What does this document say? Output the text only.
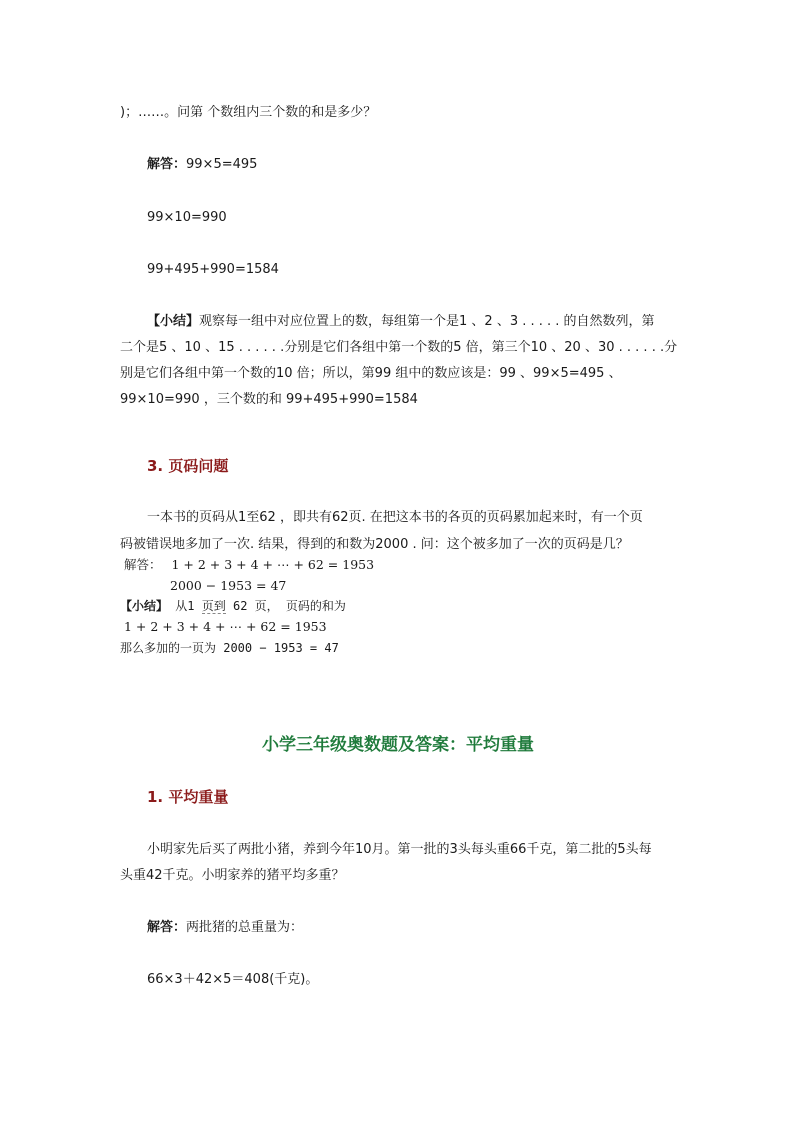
)；……。问第 个数组内三个数的和是多少？
解答：99×5=495
99×10=990
99+495+990=1584
【小结】观察每一组中对应位置上的数，每组第一个是1 、2 、3 . . . . . 的自然数列，第
二个是5 、10 、15 . . . . . .分别是它们各组中第一个数的5 倍，第三个10 、20 、30 . . . . . .分
别是它们各组中第一个数的10 倍；所以，第99 组中的数应该是：99 、99×5=495 、
99×10=990 ，三个数的和 99+495+990=1584
3. 页码问题
一本书的页码从1至62 ，即共有62页. 在把这本书的各页的页码累加起来时，有一个页
码被错误地多加了一次. 结果，得到的和数为2000 . 问：这个被多加了一次的页码是几？
解答： 1 + 2 + 3 + 4 + ⋯ + 62 = 1953
2000 − 1953 = 47
【小结】 从1 页到 62 页， 页码的和为
1 + 2 + 3 + 4 + ⋯ + 62 = 1953
那么多加的一页为 2000 − 1953 = 47
小学三年级奥数题及答案：平均重量
1. 平均重量
小明家先后买了两批小猪，养到今年10月。第一批的3头每头重66千克，第二批的5头每
头重42千克。小明家养的猪平均多重？
解答：两批猪的总重量为：
66×3＋42×5＝408(千克)。
